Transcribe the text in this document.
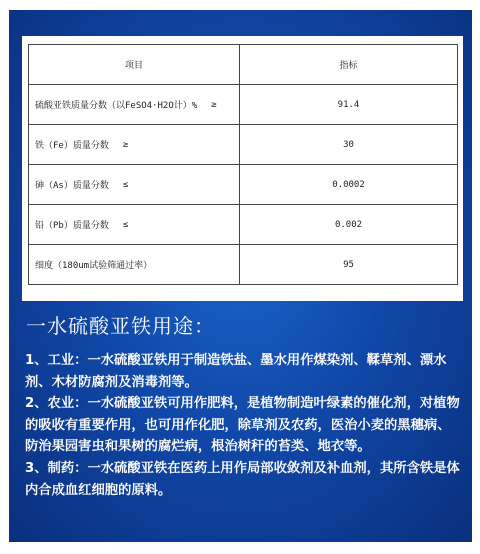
项目	指标

硫酸亚铁质量分数（以FeSO4·H2O计）% ≥	91.4

铁（Fe）质量分数 ≥	30

砷（As）质量分数 ≤	0.0002

铅（Pb）质量分数 ≤	0.002

细度（180um试验筛通过率）	95
一水硫酸亚铁用途：

1、工业：一水硫酸亚铁用于制造铁盐、墨水用作煤染剂、鞣草剂、漂水剂、木材防腐剂及消毒剂等。

2、农业：一水硫酸亚铁可用作肥料，是植物制造叶绿素的催化剂，对植物的吸收有重要作用，也可用作化肥，除草剂及农药，医治小麦的黑穗病、防治果园害虫和果树的腐烂病，根治树秆的苔类、地衣等。

3、制药：一水硫酸亚铁在医药上用作局部收敛剂及补血剂，其所含铁是体内合成血红细胞的原料。
